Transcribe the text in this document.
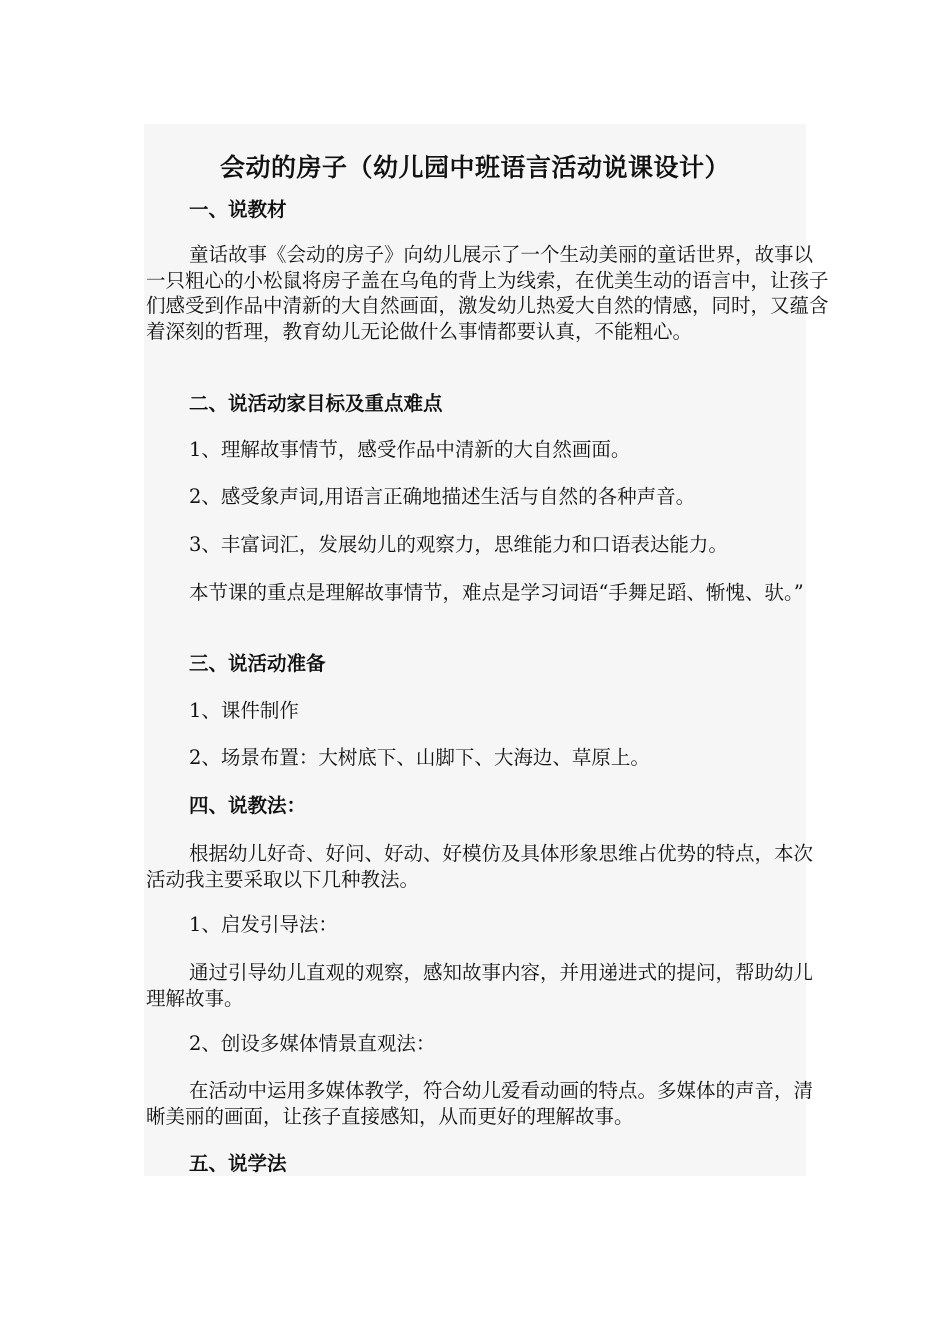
会动的房子（幼儿园中班语言活动说课设计）

一、说教材

童话故事《会动的房子》向幼儿展示了一个生动美丽的童话世界，故事以一只粗心的小松鼠将房子盖在乌龟的背上为线索，在优美生动的语言中，让孩子们感受到作品中清新的大自然画面，激发幼儿热爱大自然的情感，同时，又蕴含着深刻的哲理，教育幼儿无论做什么事情都要认真，不能粗心。

二、说活动家目标及重点难点

1、理解故事情节，感受作品中清新的大自然画面。

2、感受象声词,用语言正确地描述生活与自然的各种声音。

3、丰富词汇，发展幼儿的观察力，思维能力和口语表达能力。

本节课的重点是理解故事情节，难点是学习词语“手舞足蹈、惭愧、驮。”

三、说活动准备

1、课件制作

2、场景布置：大树底下、山脚下、大海边、草原上。

四、说教法：

根据幼儿好奇、好问、好动、好模仿及具体形象思维占优势的特点，本次活动我主要采取以下几种教法。

1、启发引导法：

通过引导幼儿直观的观察，感知故事内容，并用递进式的提问，帮助幼儿理解故事。

2、创设多媒体情景直观法：

在活动中运用多媒体教学，符合幼儿爱看动画的特点。多媒体的声音，清晰美丽的画面，让孩子直接感知，从而更好的理解故事。

五、说学法
